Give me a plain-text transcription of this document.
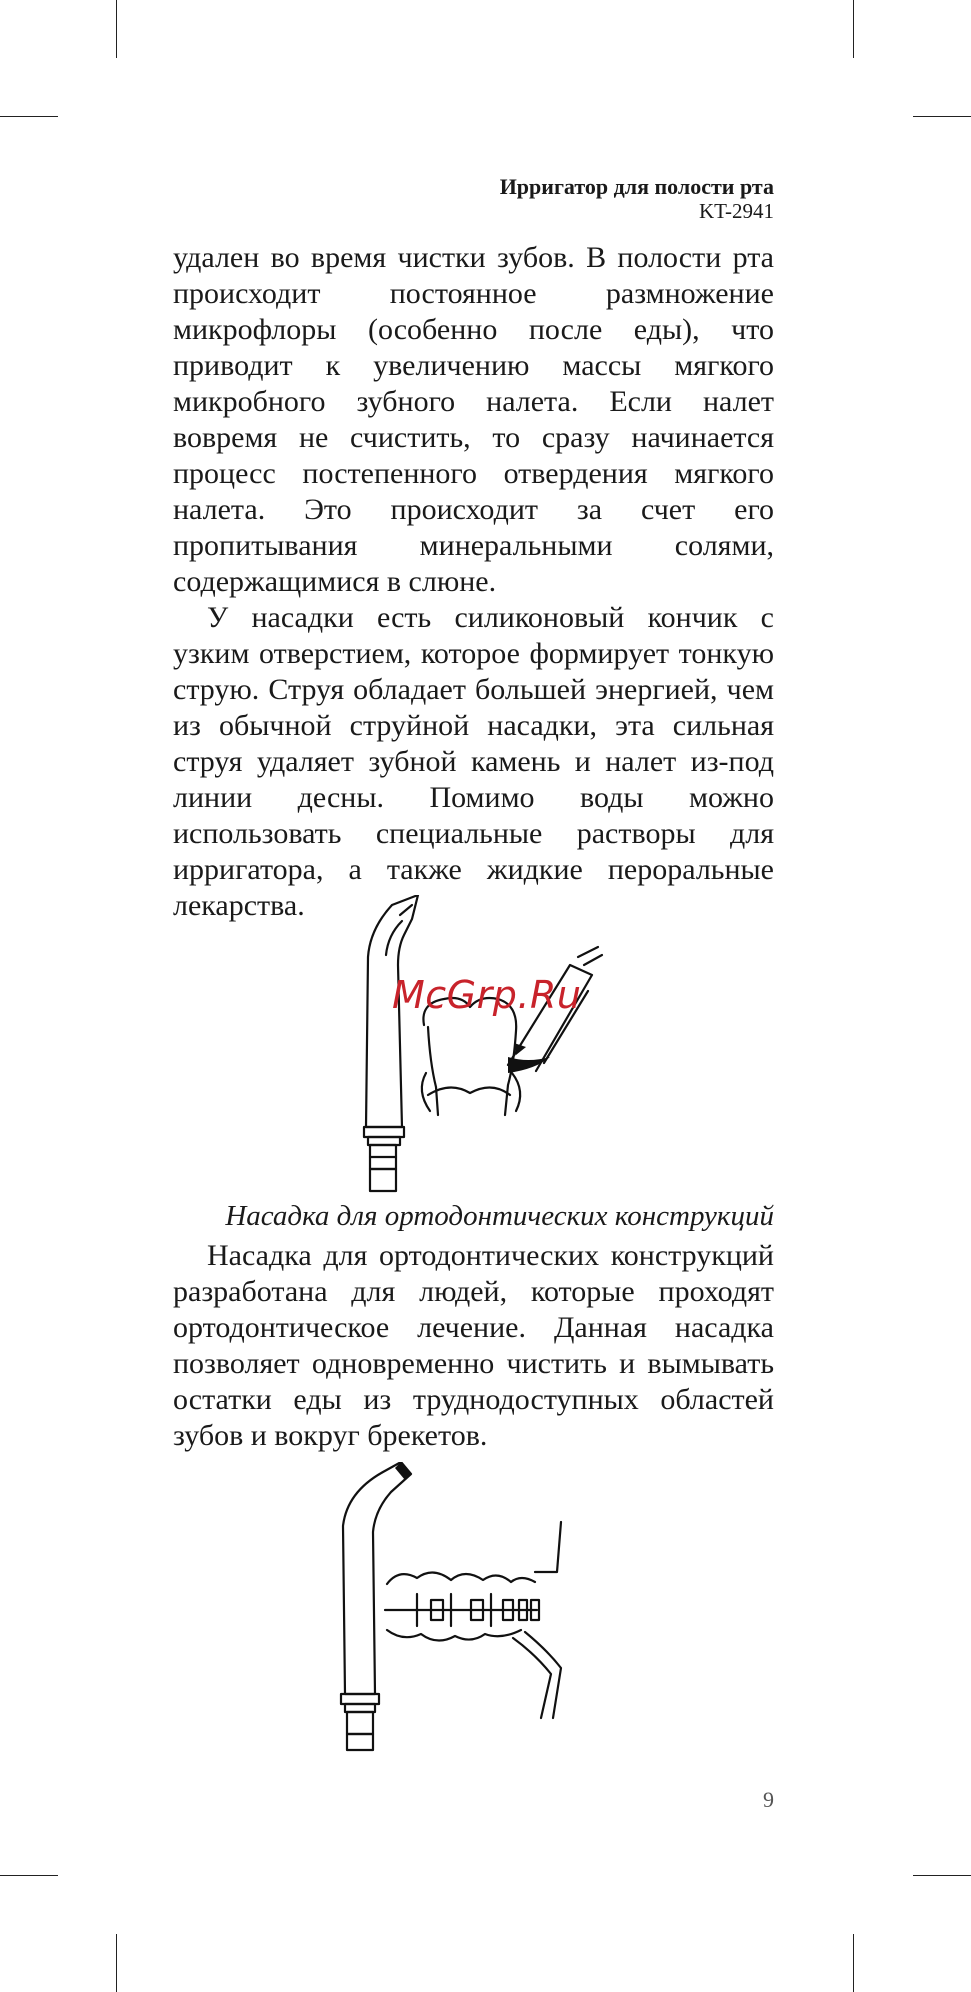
Ирригатор для полости рта
KT-2941

удален во время чистки зубов. В полости рта происходит постоянное размножение микрофлоры (особенно после еды), что приводит к увеличению массы мягкого микробного зубного налета. Если налет вовремя не счистить, то сразу начинается процесс постепенного отвердения мягкого налета. Это происходит за счет его пропитывания минеральными солями, содержащимися в слюне.

У насадки есть силиконовый кончик с узким отверстием, которое формирует тонкую струю. Струя обладает большей энергией, чем из обычной струйной насадки, эта сильная струя удаляет зубной камень и налет из-под линии десны. Помимо воды можно использовать специальные растворы для ирригатора, а также жидкие пероральные лекарства.

Насадка для ортодонтических конструкций

Насадка для ортодонтических конструкций разработана для людей, которые проходят ортодонтическое лечение. Данная насадка позволяет одновременно чистить и вымывать остатки еды из труднодоступных областей зубов и вокруг брекетов.

McGrp.Ru
9
